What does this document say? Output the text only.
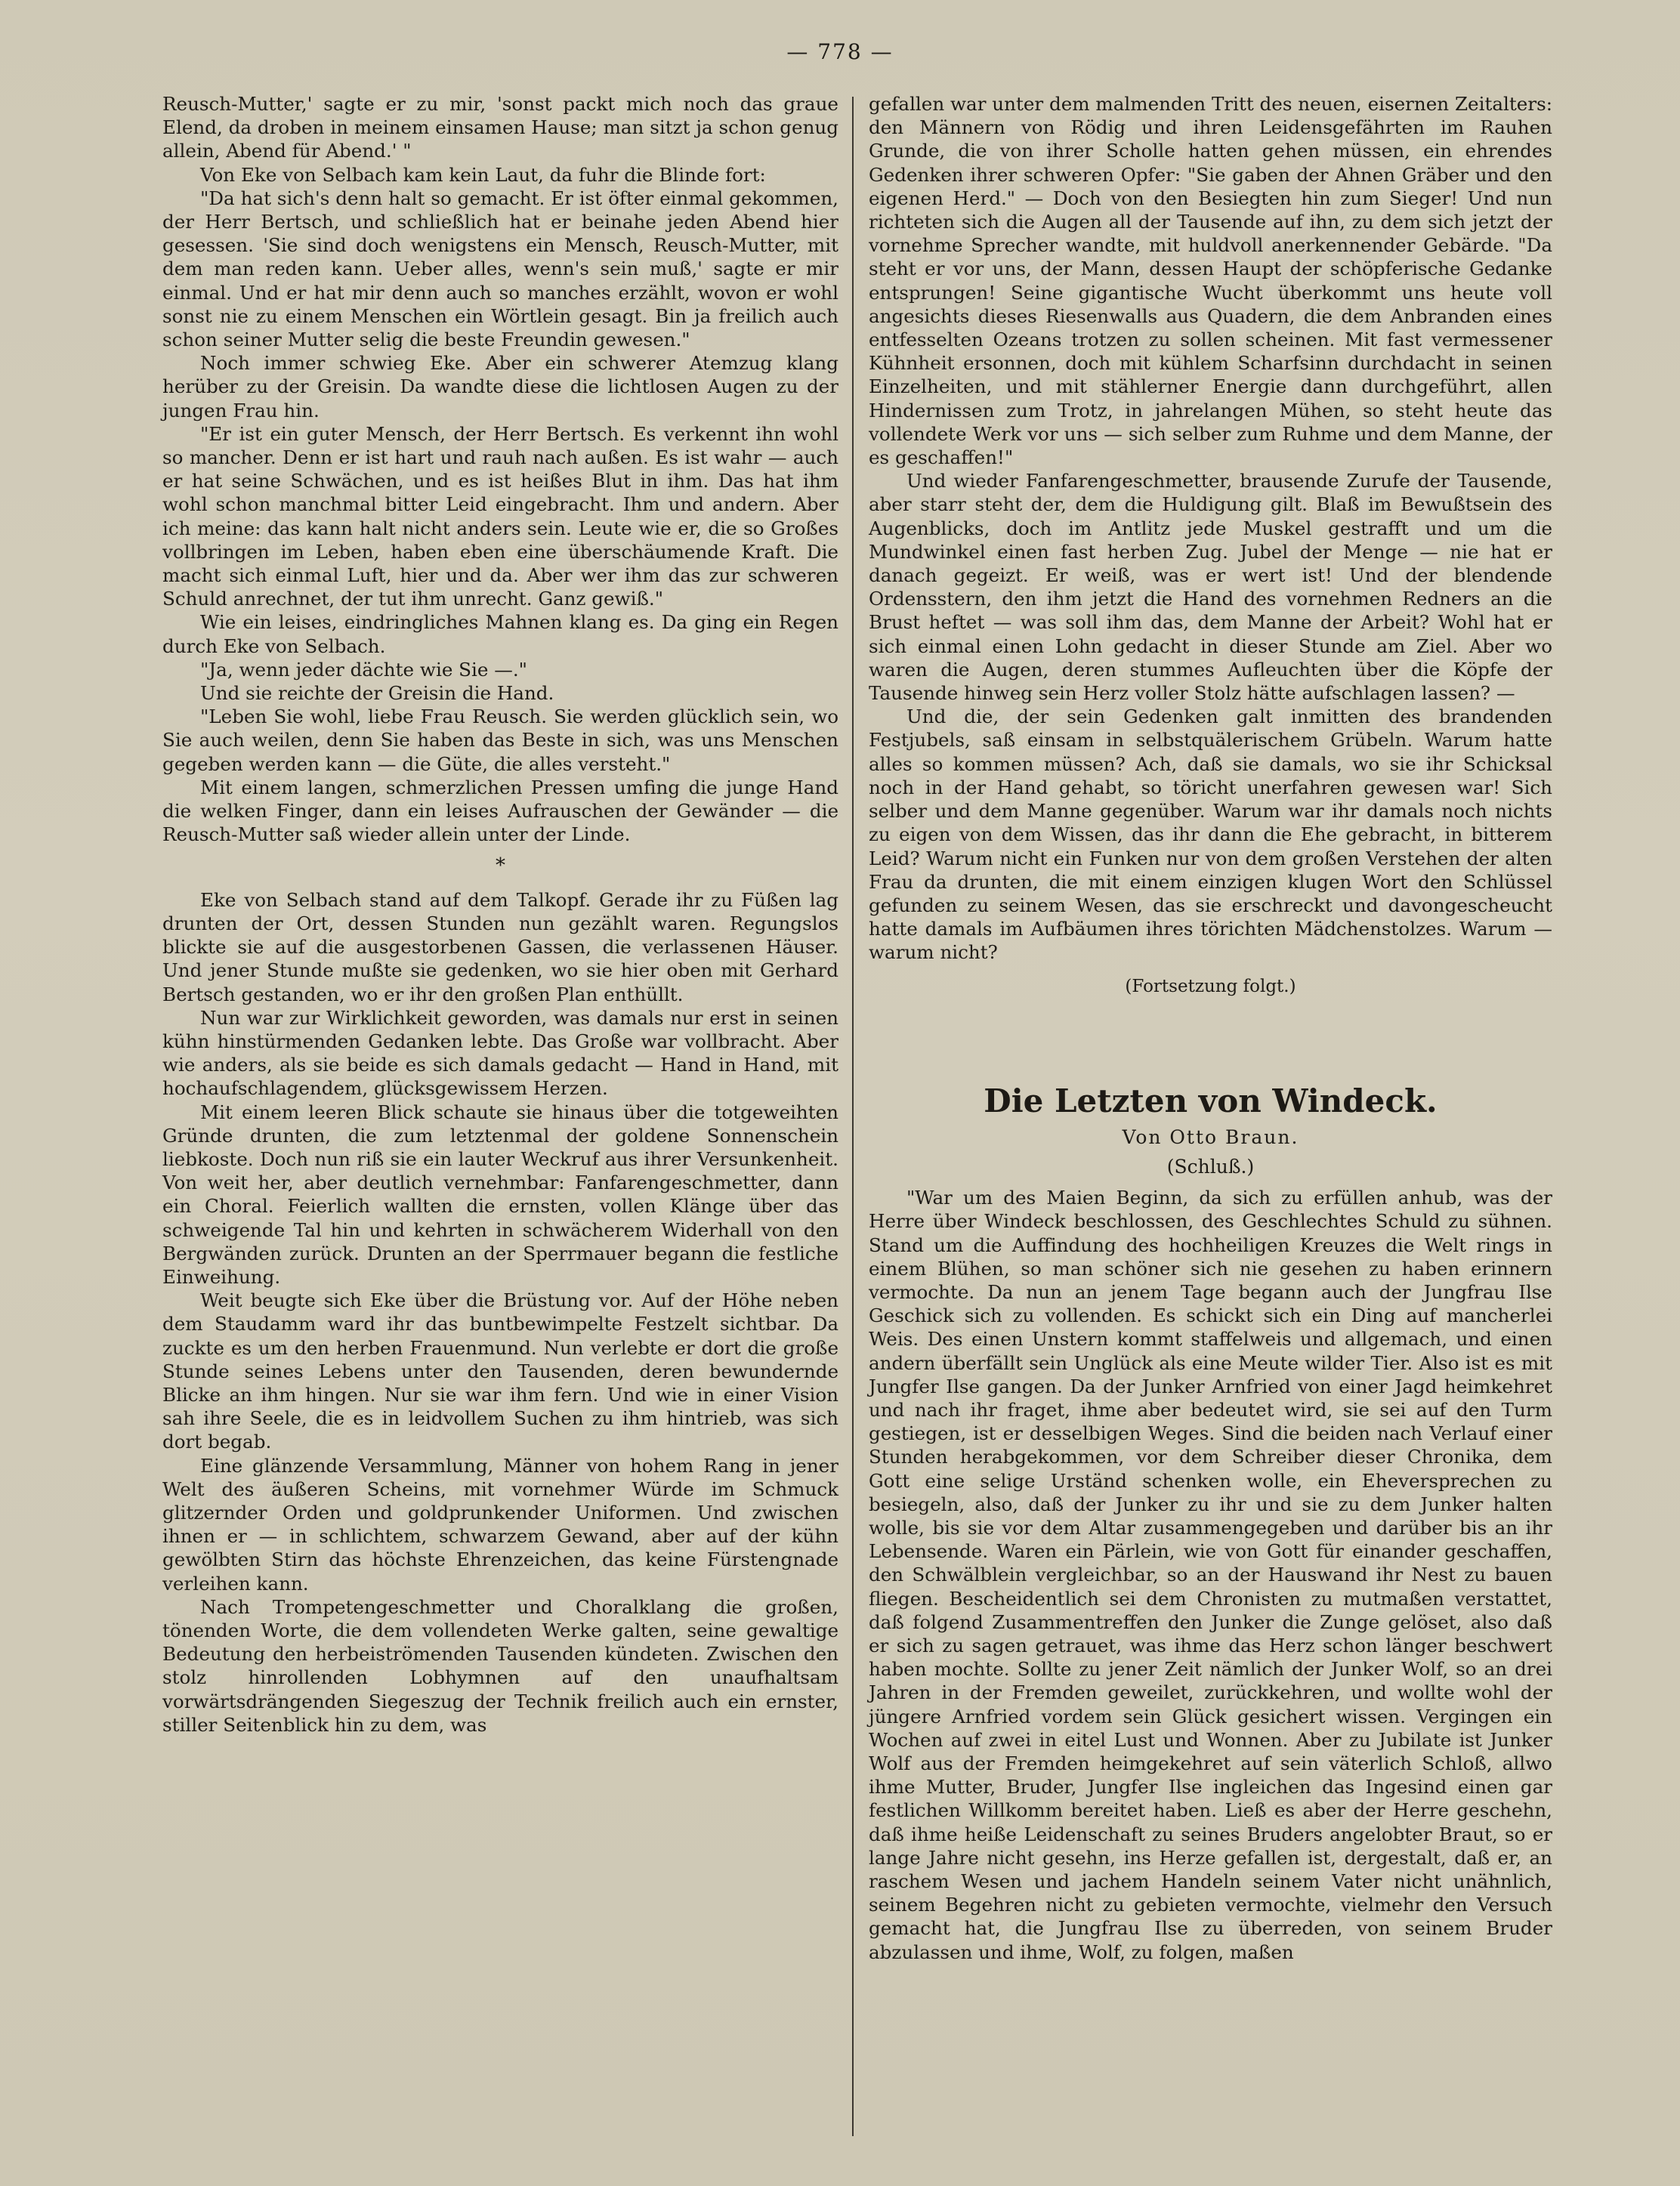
— 778 —

Reusch-Mutter,' sagte er zu mir, 'sonst packt mich noch das graue Elend, da droben in meinem einsamen Hause; man sitzt ja schon genug allein, Abend für Abend.' "

Von Eke von Selbach kam kein Laut, da fuhr die Blinde fort:

"Da hat sich's denn halt so gemacht. Er ist öfter einmal gekommen, der Herr Bertsch, und schließlich hat er beinahe jeden Abend hier gesessen. 'Sie sind doch wenigstens ein Mensch, Reusch-Mutter, mit dem man reden kann. Ueber alles, wenn's sein muß,' sagte er mir einmal. Und er hat mir denn auch so manches erzählt, wovon er wohl sonst nie zu einem Menschen ein Wörtlein gesagt. Bin ja freilich auch schon seiner Mutter selig die beste Freundin gewesen."

Noch immer schwieg Eke. Aber ein schwerer Atemzug klang herüber zu der Greisin. Da wandte diese die lichtlosen Augen zu der jungen Frau hin.

"Er ist ein guter Mensch, der Herr Bertsch. Es verkennt ihn wohl so mancher. Denn er ist hart und rauh nach außen. Es ist wahr — auch er hat seine Schwächen, und es ist heißes Blut in ihm. Das hat ihm wohl schon manchmal bitter Leid eingebracht. Ihm und andern. Aber ich meine: das kann halt nicht anders sein. Leute wie er, die so Großes vollbringen im Leben, haben eben eine überschäumende Kraft. Die macht sich einmal Luft, hier und da. Aber wer ihm das zur schweren Schuld anrechnet, der tut ihm unrecht. Ganz gewiß."

Wie ein leises, eindringliches Mahnen klang es. Da ging ein Regen durch Eke von Selbach.

"Ja, wenn jeder dächte wie Sie —."

Und sie reichte der Greisin die Hand.

"Leben Sie wohl, liebe Frau Reusch. Sie werden glücklich sein, wo Sie auch weilen, denn Sie haben das Beste in sich, was uns Menschen gegeben werden kann — die Güte, die alles versteht."

Mit einem langen, schmerzlichen Pressen umfing die junge Hand die welken Finger, dann ein leises Aufrauschen der Gewänder — die Reusch-Mutter saß wieder allein unter der Linde.

*

Eke von Selbach stand auf dem Talkopf. Gerade ihr zu Füßen lag drunten der Ort, dessen Stunden nun gezählt waren. Regungslos blickte sie auf die ausgestorbenen Gassen, die verlassenen Häuser. Und jener Stunde mußte sie gedenken, wo sie hier oben mit Gerhard Bertsch gestanden, wo er ihr den großen Plan enthüllt.

Nun war zur Wirklichkeit geworden, was damals nur erst in seinen kühn hinstürmenden Gedanken lebte. Das Große war vollbracht. Aber wie anders, als sie beide es sich damals gedacht — Hand in Hand, mit hochaufschlagendem, glücksgewissem Herzen.

Mit einem leeren Blick schaute sie hinaus über die totgeweihten Gründe drunten, die zum letztenmal der goldene Sonnenschein liebkoste. Doch nun riß sie ein lauter Weckruf aus ihrer Versunkenheit. Von weit her, aber deutlich vernehmbar: Fanfarengeschmetter, dann ein Choral. Feierlich wallten die ernsten, vollen Klänge über das schweigende Tal hin und kehrten in schwächerem Widerhall von den Bergwänden zurück. Drunten an der Sperrmauer begann die festliche Einweihung.

Weit beugte sich Eke über die Brüstung vor. Auf der Höhe neben dem Staudamm ward ihr das buntbewimpelte Festzelt sichtbar. Da zuckte es um den herben Frauenmund. Nun verlebte er dort die große Stunde seines Lebens unter den Tausenden, deren bewundernde Blicke an ihm hingen. Nur sie war ihm fern. Und wie in einer Vision sah ihre Seele, die es in leidvollem Suchen zu ihm hintrieb, was sich dort begab.

Eine glänzende Versammlung, Männer von hohem Rang in jener Welt des äußeren Scheins, mit vornehmer Würde im Schmuck glitzernder Orden und goldprunkender Uniformen. Und zwischen ihnen er — in schlichtem, schwarzem Gewand, aber auf der kühn gewölbten Stirn das höchste Ehrenzeichen, das keine Fürstengnade verleihen kann.

Nach Trompetengeschmetter und Choralklang die großen, tönenden Worte, die dem vollendeten Werke galten, seine gewaltige Bedeutung den herbeiströmenden Tausenden kündeten. Zwischen den stolz hinrollenden Lobhymnen auf den unaufhaltsam vorwärtsdrängenden Siegeszug der Technik freilich auch ein ernster, stiller Seitenblick hin zu dem, was

gefallen war unter dem malmenden Tritt des neuen, eisernen Zeitalters: den Männern von Rödig und ihren Leidensgefährten im Rauhen Grunde, die von ihrer Scholle hatten gehen müssen, ein ehrendes Gedenken ihrer schweren Opfer: "Sie gaben der Ahnen Gräber und den eigenen Herd." — Doch von den Besiegten hin zum Sieger! Und nun richteten sich die Augen all der Tausende auf ihn, zu dem sich jetzt der vornehme Sprecher wandte, mit huldvoll anerkennender Gebärde. "Da steht er vor uns, der Mann, dessen Haupt der schöpferische Gedanke entsprungen! Seine gigantische Wucht überkommt uns heute voll angesichts dieses Riesenwalls aus Quadern, die dem Anbranden eines entfesselten Ozeans trotzen zu sollen scheinen. Mit fast vermessener Kühnheit ersonnen, doch mit kühlem Scharfsinn durchdacht in seinen Einzelheiten, und mit stählerner Energie dann durchgeführt, allen Hindernissen zum Trotz, in jahrelangen Mühen, so steht heute das vollendete Werk vor uns — sich selber zum Ruhme und dem Manne, der es geschaffen!"

Und wieder Fanfarengeschmetter, brausende Zurufe der Tausende, aber starr steht der, dem die Huldigung gilt. Blaß im Bewußtsein des Augenblicks, doch im Antlitz jede Muskel gestrafft und um die Mundwinkel einen fast herben Zug. Jubel der Menge — nie hat er danach gegeizt. Er weiß, was er wert ist! Und der blendende Ordensstern, den ihm jetzt die Hand des vornehmen Redners an die Brust heftet — was soll ihm das, dem Manne der Arbeit? Wohl hat er sich einmal einen Lohn gedacht in dieser Stunde am Ziel. Aber wo waren die Augen, deren stummes Aufleuchten über die Köpfe der Tausende hinweg sein Herz voller Stolz hätte aufschlagen lassen? —

Und die, der sein Gedenken galt inmitten des brandenden Festjubels, saß einsam in selbstquälerischem Grübeln. Warum hatte alles so kommen müssen? Ach, daß sie damals, wo sie ihr Schicksal noch in der Hand gehabt, so töricht unerfahren gewesen war! Sich selber und dem Manne gegenüber. Warum war ihr damals noch nichts zu eigen von dem Wissen, das ihr dann die Ehe gebracht, in bitterem Leid? Warum nicht ein Funken nur von dem großen Verstehen der alten Frau da drunten, die mit einem einzigen klugen Wort den Schlüssel gefunden zu seinem Wesen, das sie erschreckt und davongescheucht hatte damals im Aufbäumen ihres törichten Mädchenstolzes. Warum — warum nicht?

(Fortsetzung folgt.)
Die Letzten von Windeck.
Von Otto Braun.
(Schluß.)

"War um des Maien Beginn, da sich zu erfüllen anhub, was der Herre über Windeck beschlossen, des Geschlechtes Schuld zu sühnen. Stand um die Auffindung des hochheiligen Kreuzes die Welt rings in einem Blühen, so man schöner sich nie gesehen zu haben erinnern vermochte. Da nun an jenem Tage begann auch der Jungfrau Ilse Geschick sich zu vollenden. Es schickt sich ein Ding auf mancherlei Weis. Des einen Unstern kommt staffelweis und allgemach, und einen andern überfällt sein Unglück als eine Meute wilder Tier. Also ist es mit Jungfer Ilse gangen. Da der Junker Arnfried von einer Jagd heimkehret und nach ihr fraget, ihme aber bedeutet wird, sie sei auf den Turm gestiegen, ist er desselbigen Weges. Sind die beiden nach Verlauf einer Stunden herabgekommen, vor dem Schreiber dieser Chronika, dem Gott eine selige Urständ schenken wolle, ein Eheversprechen zu besiegeln, also, daß der Junker zu ihr und sie zu dem Junker halten wolle, bis sie vor dem Altar zusammengegeben und darüber bis an ihr Lebensende. Waren ein Pärlein, wie von Gott für einander geschaffen, den Schwälblein vergleichbar, so an der Hauswand ihr Nest zu bauen fliegen. Bescheidentlich sei dem Chronisten zu mutmaßen verstattet, daß folgend Zusammentreffen den Junker die Zunge gelöset, also daß er sich zu sagen getrauet, was ihme das Herz schon länger beschwert haben mochte. Sollte zu jener Zeit nämlich der Junker Wolf, so an drei Jahren in der Fremden geweilet, zurückkehren, und wollte wohl der jüngere Arnfried vordem sein Glück gesichert wissen. Vergingen ein Wochen auf zwei in eitel Lust und Wonnen. Aber zu Jubilate ist Junker Wolf aus der Fremden heimgekehret auf sein väterlich Schloß, allwo ihme Mutter, Bruder, Jungfer Ilse ingleichen das Ingesind einen gar festlichen Willkomm bereitet haben. Ließ es aber der Herre geschehn, daß ihme heiße Leidenschaft zu seines Bruders angelobter Braut, so er lange Jahre nicht gesehn, ins Herze gefallen ist, dergestalt, daß er, an raschem Wesen und jachem Handeln seinem Vater nicht unähnlich, seinem Begehren nicht zu gebieten vermochte, vielmehr den Versuch gemacht hat, die Jungfrau Ilse zu überreden, von seinem Bruder abzulassen und ihme, Wolf, zu folgen, maßen
